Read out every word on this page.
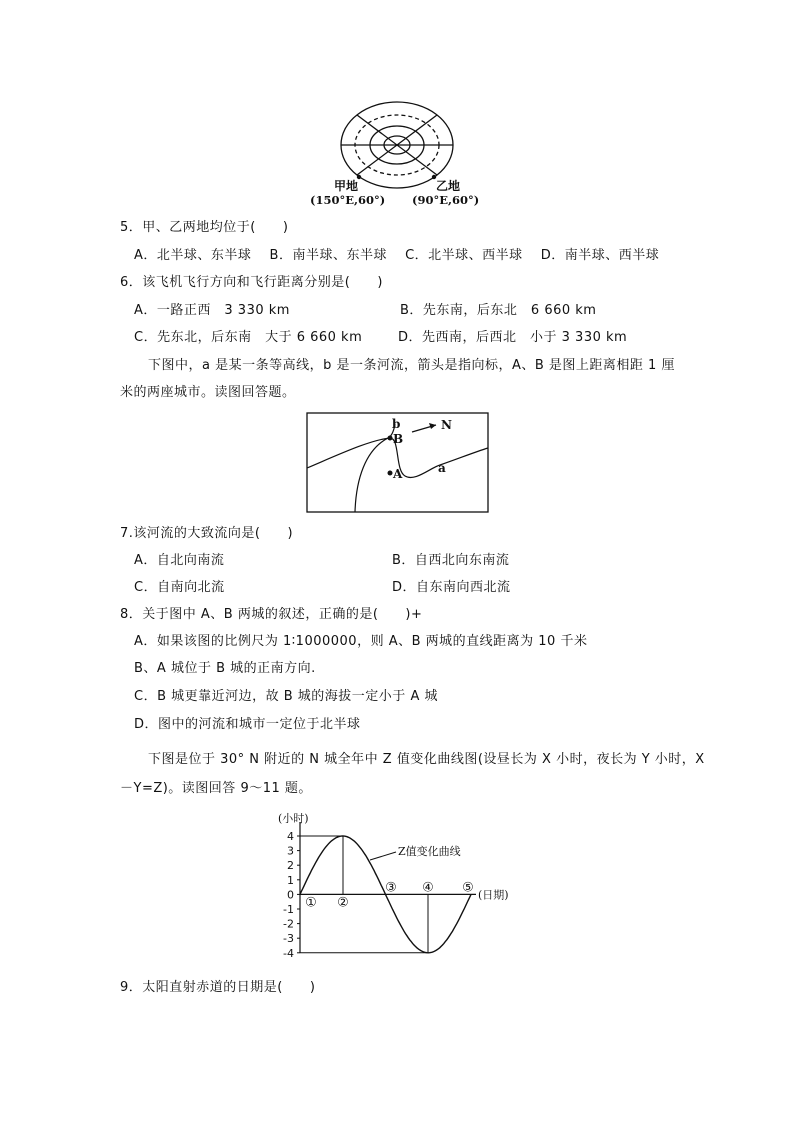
甲地
(150°E,60°)
乙地
(90°E,60°)
5．甲、乙两地均位于(　　)
A．北半球、东半球　 B．南半球、东半球　 C．北半球、西半球　 D．南半球、西半球
6．该飞机飞行方向和飞行距离分别是(　　)
A．一路正西　3 330 km	B．先东南，后东北　6 660 km
C．先东北，后东南　大于 6 660 km	D．先西南，后西北　小于 3 330 km
下图中，a 是某一条等高线，b 是一条河流，箭头是指向标，A、B 是图上距离相距 1 厘
米的两座城市。读图回答题。
b
B
A	a
N
7.该河流的大致流向是(　　)
A．自北向南流	B．自西北向东南流
C．自南向北流	D．自东南向西北流
8．关于图中 A、B 两城的叙述，正确的是(　　)+
A．如果该图的比例尺为 1∶1000000，则 A、B 两城的直线距离为 10 千米
B、A 城位于 B 城的正南方向.
C．B 城更靠近河边，故 B 城的海拔一定小于 A 城
D．图中的河流和城市一定位于北半球
下图是位于 30° N 附近的 N 城全年中 Z 值变化曲线图(设昼长为 X 小时，夜长为 Y 小时，X
－Y=Z)。读图回答 9～11 题。
(小时)
4
3
2
1
0
-1
-2
-3
-4
Z值变化曲线
① ②
③ ④ ⑤ (日期)
9．太阳直射赤道的日期是(　　)
